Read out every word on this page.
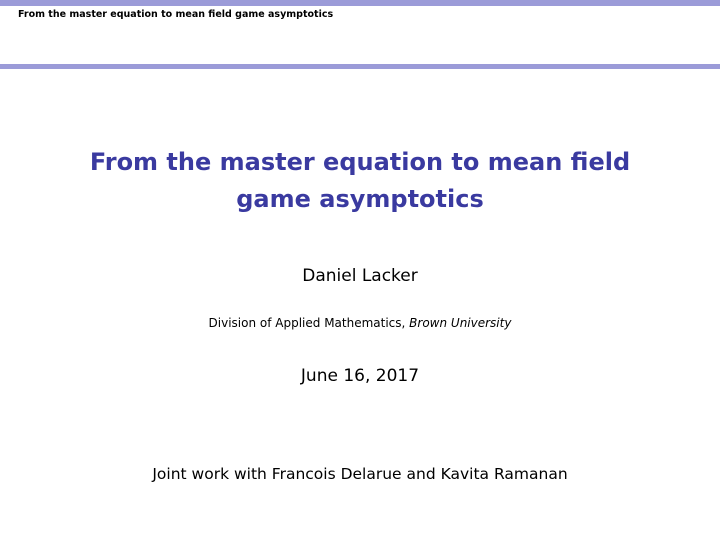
From the master equation to mean field game asymptotics
From the master equation to mean field game asymptotics
Daniel Lacker
Division of Applied Mathematics, Brown University
June 16, 2017
Joint work with Francois Delarue and Kavita Ramanan
